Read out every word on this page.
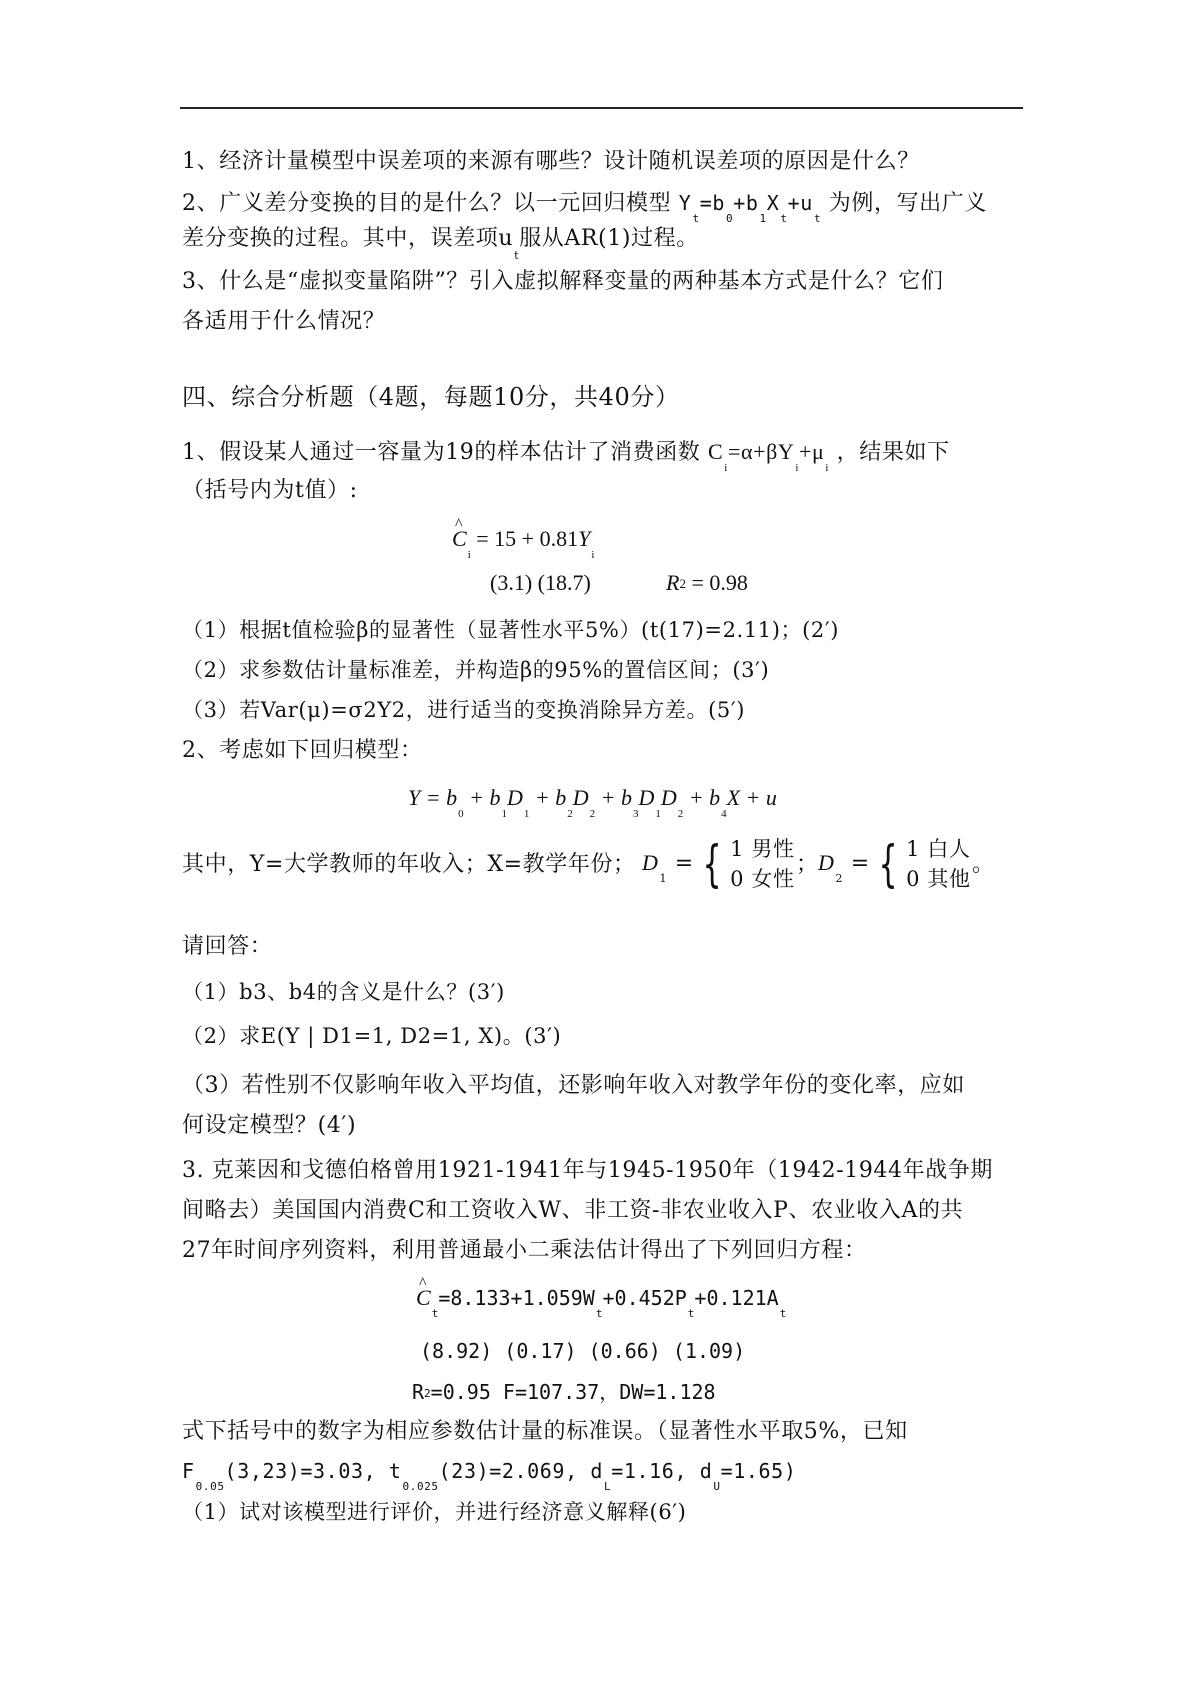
1、经济计量模型中误差项的来源有哪些？设计随机误差项的原因是什么？
2、广义差分变换的目的是什么？以一元回归模型 $Y_t=b_0+b_1X_t+u_t$ 为例，写出广义
差分变换的过程。其中，误差项$u_t$服从AR(1)过程。
3、什么是“虚拟变量陷阱”？引入虚拟解释变量的两种基本方式是什么？它们
各适用于什么情况？
四、综合分析题（4题，每题10分，共40分）
1、假设某人通过一容量为19的样本估计了消费函数 $C_i=\alpha+\beta Y_i+\mu_i$ ，结果如下
（括号内为t值）:
^ $C_i = 15 + 0.81Y_i$
(3.1) (18.7)	R2 = 0.98
（1）根据t值检验β的显著性（显著性水平5%）(t(17)=2.11)；(2′)
（2）求参数估计量标准差，并构造β的95%的置信区间；(3′)
（3）若Var(μ)=σ2Y2，进行适当的变换消除异方差。(5′)
2、考虑如下回归模型：
$Y = b_0 + b_1D_1 + b_2D_2 + b_3D_1D_2 + b_4X + u$
其中，Y=大学教师的年收入；X=教学年份； $D_1$ = { 1 男性
0 女性
； $D_2$ = { 1 白人
0 其他
。
请回答：
（1）b3、b4的含义是什么？(3′)
（2）求E(Y | D1=1, D2=1, X)。(3′)
（3）若性别不仅影响年收入平均值，还影响年收入对教学年份的变化率，应如
何设定模型？(4′)
3. 克莱因和戈德伯格曾用1921-1941年与1945-1950年（1942-1944年战争期
间略去）美国国内消费C和工资收入W、非工资-非农业收入P、农业收入A的共
27年时间序列资料，利用普通最小二乘法估计得出了下列回归方程：
^ $C_t=8.133+1.059W_t+0.452P_t+0.121A_t$
(8.92) (0.17) (0.66) (1.09)
R2=0.95 F=107.37，DW=1.128
式下括号中的数字为相应参数估计量的标准误。（显著性水平取5%，已知
$F_{0.05}(3,23)=3.03$, $t_{0.025}(23)=2.069$, $d_L=1.16$, $d_U=1.65$)
（1）试对该模型进行评价，并进行经济意义解释(6′)
